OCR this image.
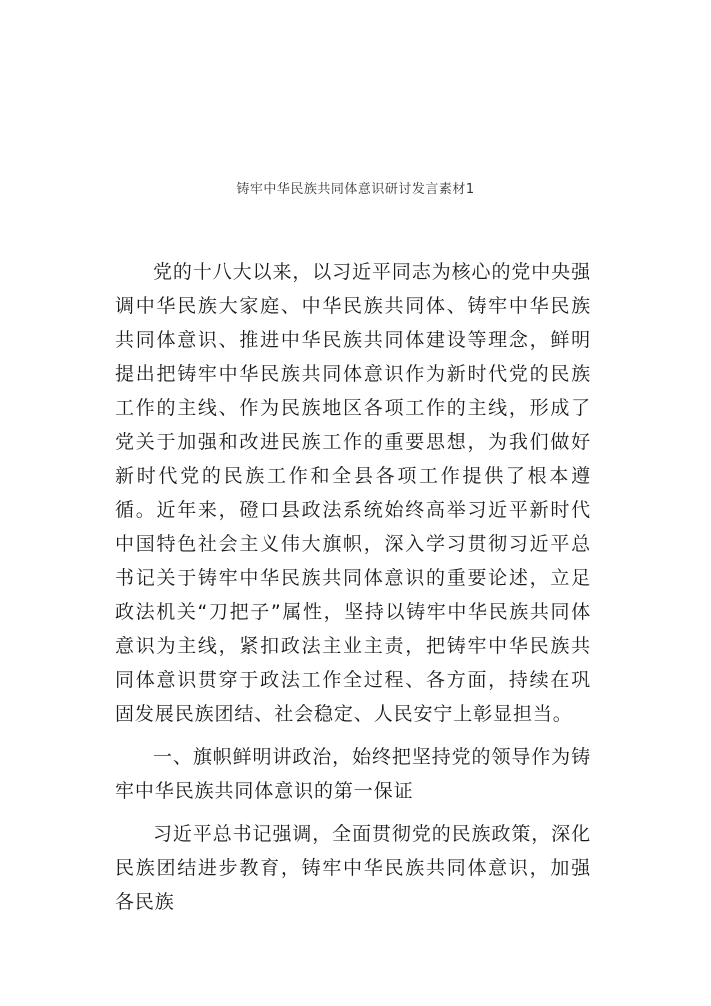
铸牢中华民族共同体意识研讨发言素材1

党的十八大以来，以习近平同志为核心的党中央强调中华民族大家庭、中华民族共同体、铸牢中华民族共同体意识、推进中华民族共同体建设等理念，鲜明提出把铸牢中华民族共同体意识作为新时代党的民族工作的主线、作为民族地区各项工作的主线，形成了党关于加强和改进民族工作的重要思想，为我们做好新时代党的民族工作和全县各项工作提供了根本遵循。近年来，磴口县政法系统始终高举习近平新时代中国特色社会主义伟大旗帜，深入学习贯彻习近平总书记关于铸牢中华民族共同体意识的重要论述，立足政法机关“刀把子”属性，坚持以铸牢中华民族共同体意识为主线，紧扣政法主业主责，把铸牢中华民族共同体意识贯穿于政法工作全过程、各方面，持续在巩固发展民族团结、社会稳定、人民安宁上彰显担当。

一、旗帜鲜明讲政治，始终把坚持党的领导作为铸牢中华民族共同体意识的第一保证

习近平总书记强调，全面贯彻党的民族政策，深化民族团结进步教育，铸牢中华民族共同体意识，加强各民族
